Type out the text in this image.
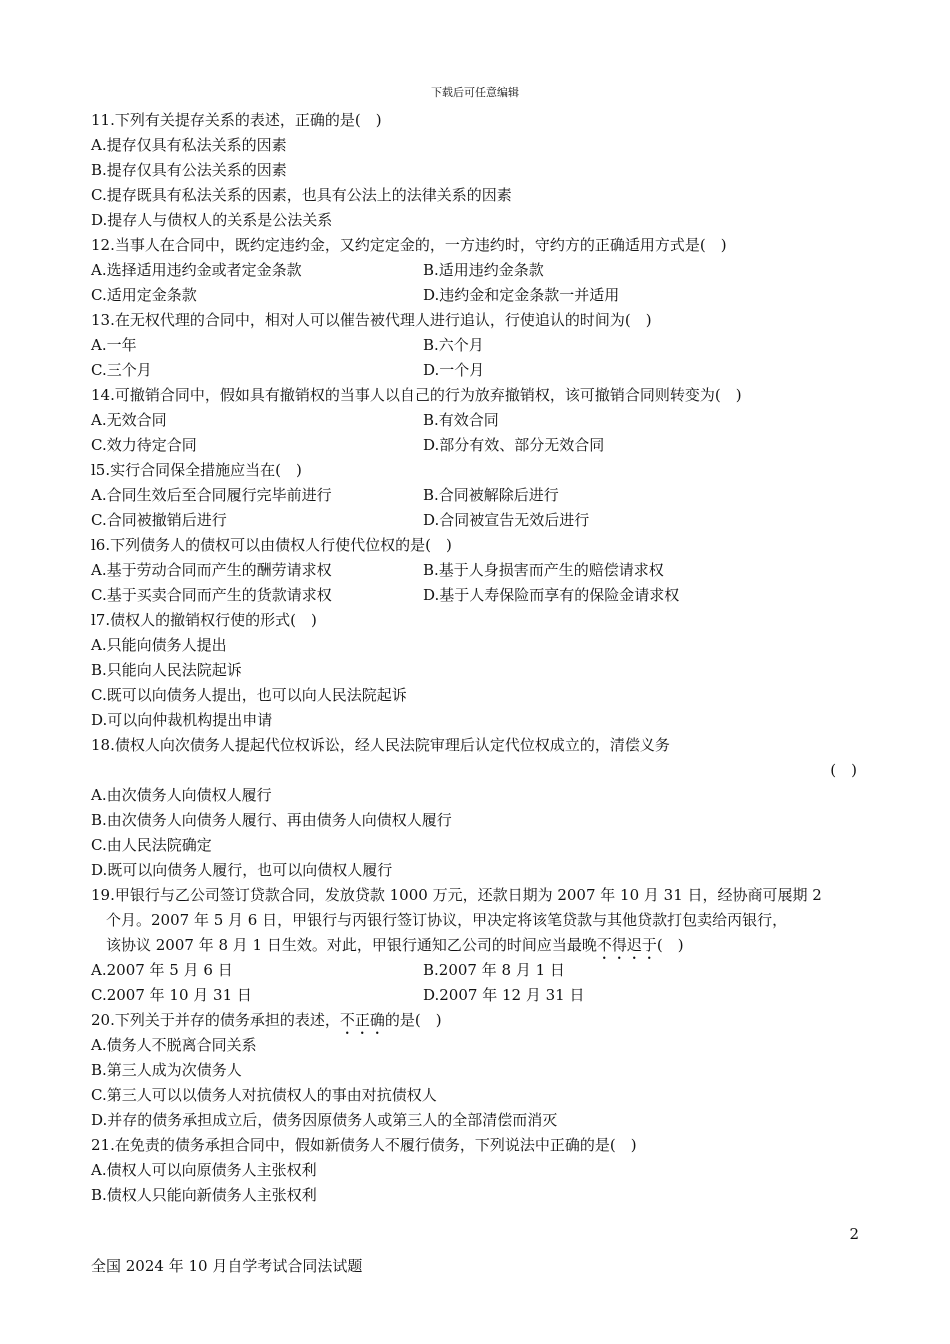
下载后可任意编辑
11.下列有关提存关系的表述，正确的是(　)
A.提存仅具有私法关系的因素
B.提存仅具有公法关系的因素
C.提存既具有私法关系的因素，也具有公法上的法律关系的因素
D.提存人与债权人的关系是公法关系
12.当事人在合同中，既约定违约金，又约定定金的，一方违约时，守约方的正确适用方式是(　)
A.选择适用违约金或者定金条款	B.适用违约金条款
C.适用定金条款	D.违约金和定金条款一并适用
13.在无权代理的合同中，相对人可以催告被代理人进行追认，行使追认的时间为(　)
A.一年	B.六个月
C.三个月	D.一个月
14.可撤销合同中，假如具有撤销权的当事人以自己的行为放弃撤销权，该可撤销合同则转变为(　)
A.无效合同	B.有效合同
C.效力待定合同	D.部分有效、部分无效合同
l5.实行合同保全措施应当在(　)
A.合同生效后至合同履行完毕前进行	B.合同被解除后进行
C.合同被撤销后进行	D.合同被宣告无效后进行
l6.下列债务人的债权可以由债权人行使代位权的是(　)
A.基于劳动合同而产生的酬劳请求权	B.基于人身损害而产生的赔偿请求权
C.基于买卖合同而产生的货款请求权	D.基于人寿保险而享有的保险金请求权
l7.债权人的撤销权行使的形式(　)
A.只能向债务人提出
B.只能向人民法院起诉
C.既可以向债务人提出，也可以向人民法院起诉
D.可以向仲裁机构提出申请
18.债权人向次债务人提起代位权诉讼，经人民法院审理后认定代位权成立的，清偿义务
(　)
A.由次债务人向债权人履行
B.由次债务人向债务人履行、再由债务人向债权人履行
C.由人民法院确定
D.既可以向债务人履行，也可以向债权人履行
19.甲银行与乙公司签订贷款合同，发放贷款 1000 万元，还款日期为 2007 年 10 月 31 日，经协商可展期 2
个月。2007 年 5 月 6 日，甲银行与丙银行签订协议，甲决定将该笔贷款与其他贷款打包卖给丙银行，
该协议 2007 年 8 月 1 日生效。对此，甲银行通知乙公司的时间应当最晚不得迟于(　)
A.2007 年 5 月 6 日	B.2007 年 8 月 1 日
C.2007 年 10 月 31 日	D.2007 年 12 月 31 日
20.下列关于并存的债务承担的表述，不正确的是(　)
A.债务人不脱离合同关系
B.第三人成为次债务人
C.第三人可以以债务人对抗债权人的事由对抗债权人
D.并存的债务承担成立后，债务因原债务人或第三人的全部清偿而消灭
21.在免责的债务承担合同中，假如新债务人不履行债务，下列说法中正确的是(　)
A.债权人可以向原债务人主张权利
B.债权人只能向新债务人主张权利
2
全国 2024 年 10 月自学考试合同法试题
